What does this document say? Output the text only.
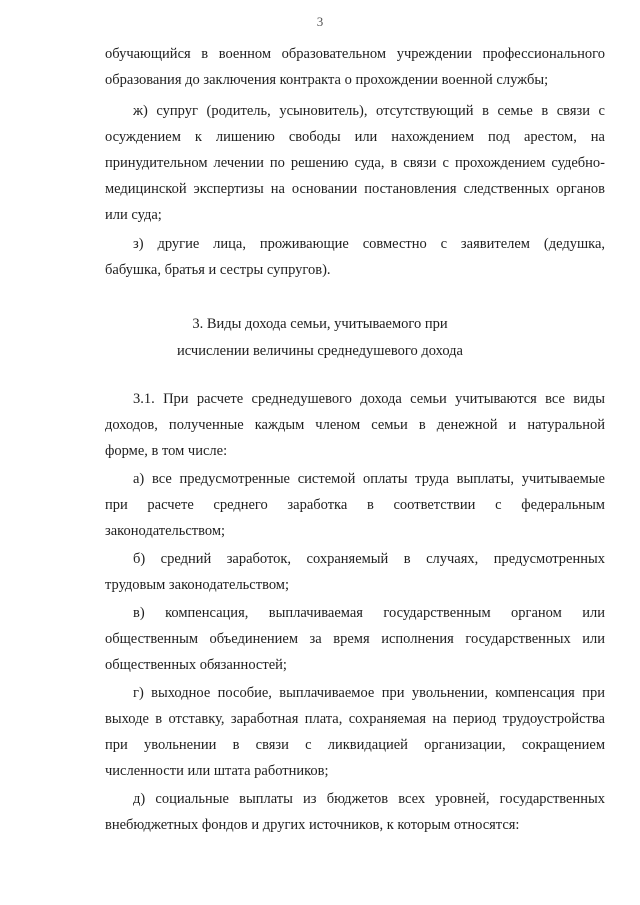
3
обучающийся в военном образовательном учреждении профессионального
образования до заключения контракта о прохождении военной службы;
ж) супруг (родитель, усыновитель), отсутствующий в семье в связи с
осуждением к лишению свободы или нахождением под арестом, на
принудительном лечении по решению суда, в связи с прохождением судебно-
медицинской экспертизы на основании постановления следственных органов
или суда;
з) другие лица, проживающие совместно с заявителем (дедушка,
бабушка, братья и сестры супругов).
3. Виды дохода семьи, учитываемого при
исчислении величины среднедушевого дохода
3.1. При расчете среднедушевого дохода семьи учитываются все виды
доходов, полученные каждым членом семьи в денежной и натуральной
форме, в том числе:
а) все предусмотренные системой оплаты труда выплаты, учитываемые
при расчете среднего заработка в соответствии с федеральным
законодательством;
б) средний заработок, сохраняемый в случаях, предусмотренных
трудовым законодательством;
в) компенсация, выплачиваемая государственным органом или
общественным объединением за время исполнения государственных или
общественных обязанностей;
г) выходное пособие, выплачиваемое при увольнении, компенсация при
выходе в отставку, заработная плата, сохраняемая на период трудоустройства
при увольнении в связи с ликвидацией организации, сокращением
численности или штата работников;
д) социальные выплаты из бюджетов всех уровней, государственных
внебюджетных фондов и других источников, к которым относятся:
